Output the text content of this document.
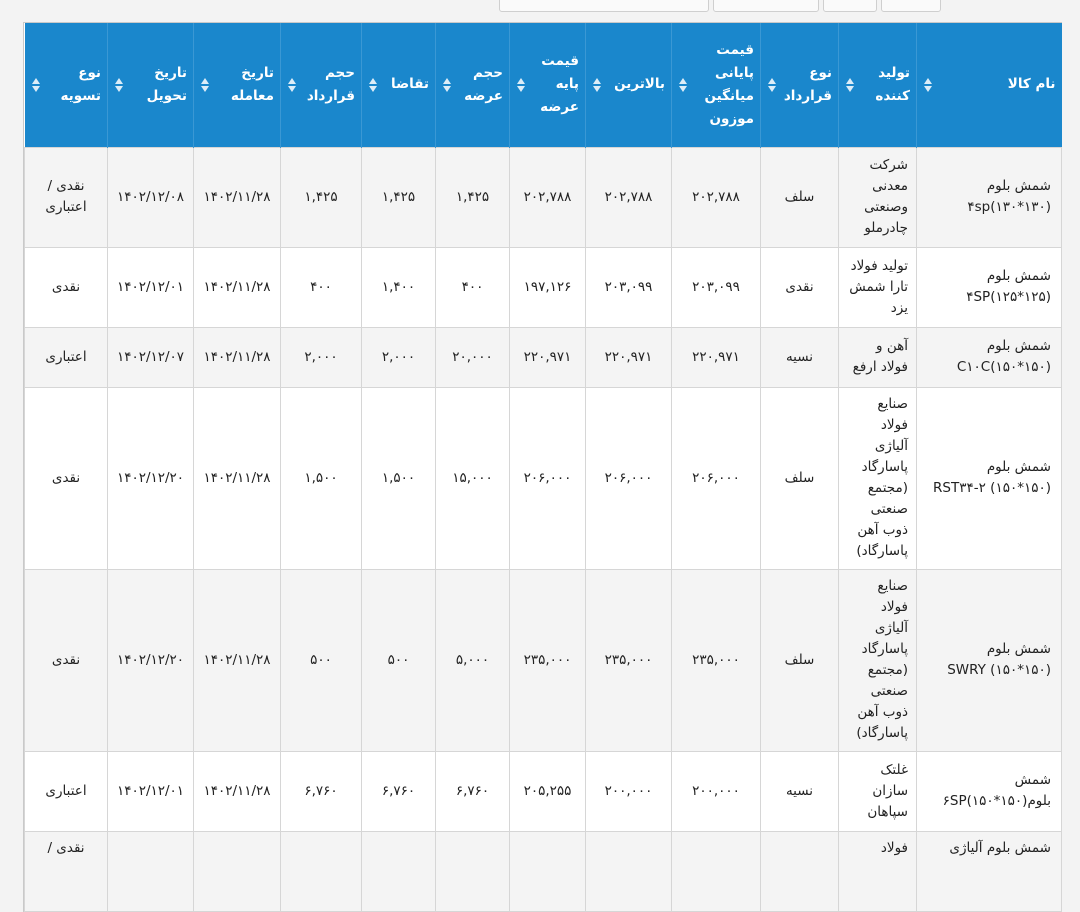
نام کالا	تولید کننده	نوع قرارداد	قیمت پایانی میانگین موزون	بالاترین	قیمت پایه عرضه	حجم عرضه	تقاضا	حجم قرارداد	تاریخ معامله	تاریخ تحویل	نوع تسویه

شمش بلوم ۴sp(۱۳۰*۱۳۰)	شرکت معدنی وصنعتی چادرملو	سلف	۲۰۲,۷۸۸	۲۰۲,۷۸۸	۲۰۲,۷۸۸	۱,۴۲۵	۱,۴۲۵	۱,۴۲۵	۱۴۰۲/۱۱/۲۸	۱۴۰۲/۱۲/۰۸	نقدی / اعتباری
شمش بلوم ۴SP(۱۲۵*۱۲۵)	تولید فولاد تارا شمش یزد	نقدی	۲۰۳,۰۹۹	۲۰۳,۰۹۹	۱۹۷,۱۲۶	۴۰۰	۱,۴۰۰	۴۰۰	۱۴۰۲/۱۱/۲۸	۱۴۰۲/۱۲/۰۱	نقدی
شمش بلوم C۱۰C(۱۵۰*۱۵۰)	آهن و فولاد ارفع	نسیه	۲۲۰,۹۷۱	۲۲۰,۹۷۱	۲۲۰,۹۷۱	۲۰,۰۰۰	۲,۰۰۰	۲,۰۰۰	۱۴۰۲/۱۱/۲۸	۱۴۰۲/۱۲/۰۷	اعتباری
شمش بلوم (۱۵۰*۱۵۰) RST۳۴-۲	صنایع فولاد آلیاژی پاسارگاد (مجتمع صنعتی ذوب آهن پاسارگاد)	سلف	۲۰۶,۰۰۰	۲۰۶,۰۰۰	۲۰۶,۰۰۰	۱۵,۰۰۰	۱,۵۰۰	۱,۵۰۰	۱۴۰۲/۱۱/۲۸	۱۴۰۲/۱۲/۲۰	نقدی
شمش بلوم (۱۵۰*۱۵۰) SWRY	صنایع فولاد آلیاژی پاسارگاد (مجتمع صنعتی ذوب آهن پاسارگاد)	سلف	۲۳۵,۰۰۰	۲۳۵,۰۰۰	۲۳۵,۰۰۰	۵,۰۰۰	۵۰۰	۵۰۰	۱۴۰۲/۱۱/۲۸	۱۴۰۲/۱۲/۲۰	نقدی
شمش بلوم(۱۵۰*۱۵۰)۶SP	غلتک سازان سپاهان	نسیه	۲۰۰,۰۰۰	۲۰۰,۰۰۰	۲۰۵,۲۵۵	۶,۷۶۰	۶,۷۶۰	۶,۷۶۰	۱۴۰۲/۱۱/۲۸	۱۴۰۲/۱۲/۰۱	اعتباری
شمش بلوم آلیاژی	فولاد										نقدی /
